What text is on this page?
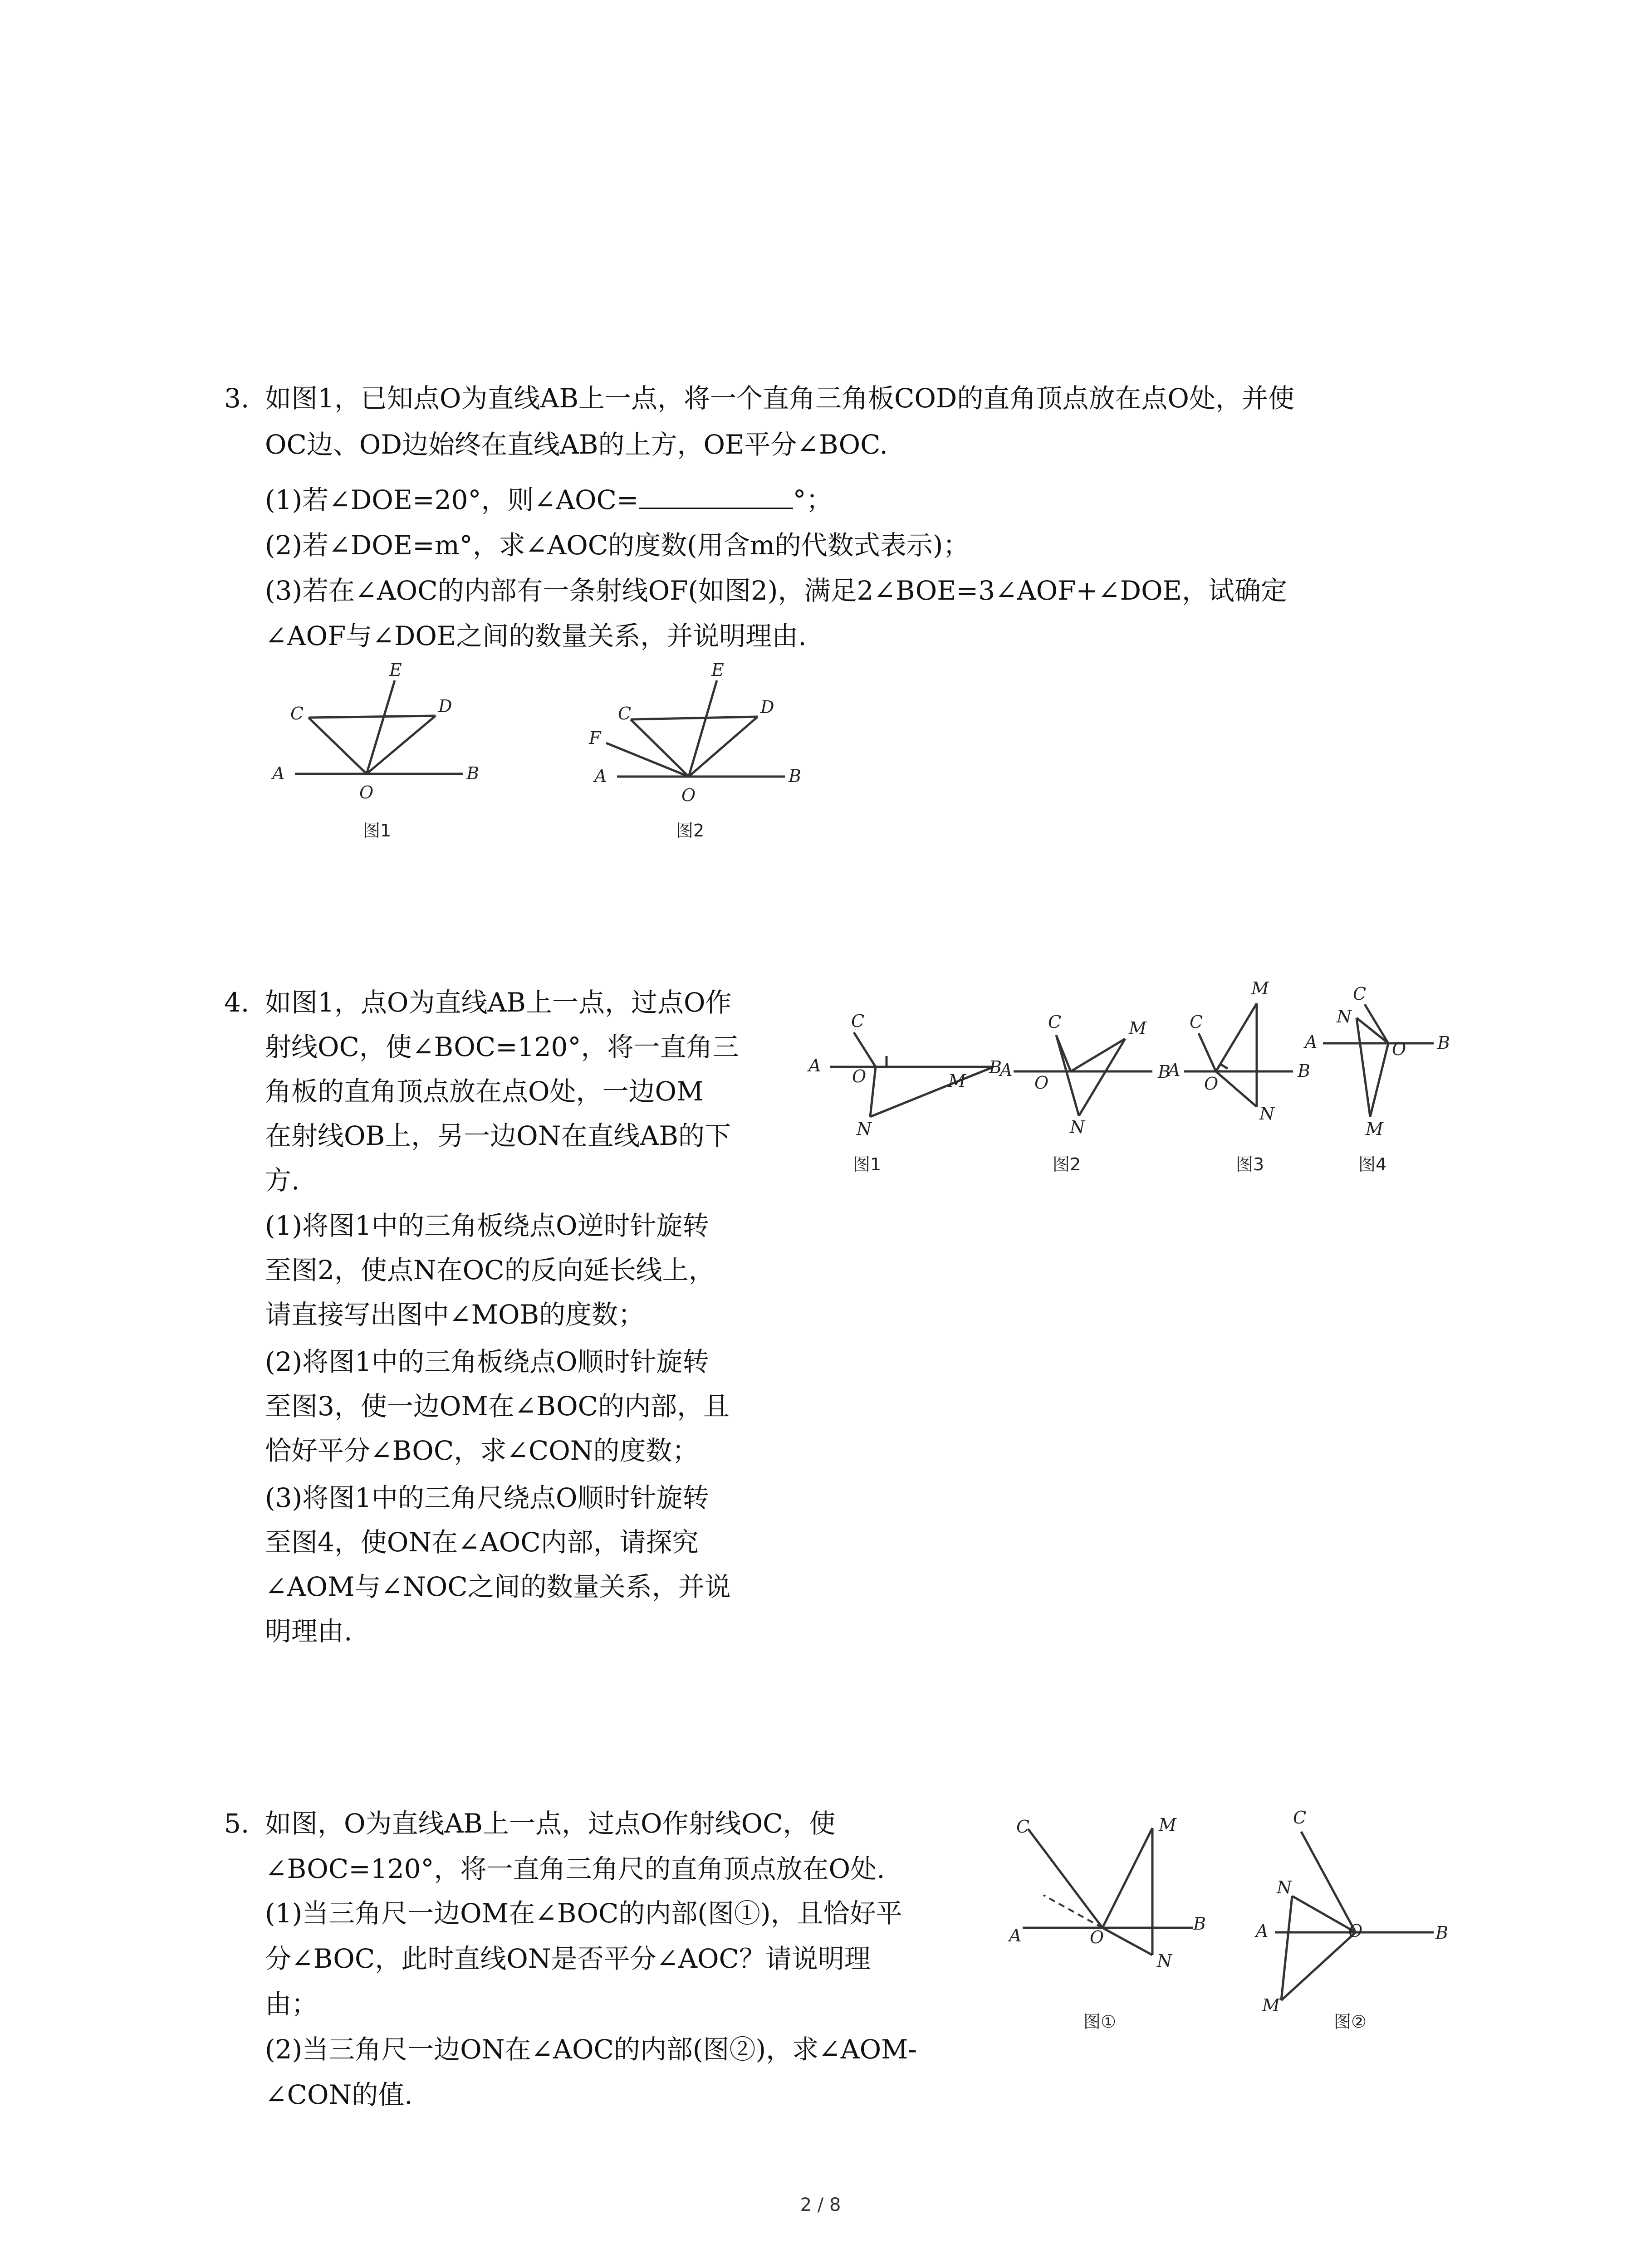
3. 如图1，已知点O为直线AB上一点，将一个直角三角板COD的直角顶点放在点O处，并使
OC边、OD边始终在直线AB的上方，OE平分∠BOC.
(1)若∠DOE=20°，则∠AOC=	°；
(2)若∠DOE=m°，求∠AOC的度数(用含m的代数式表示)；
(3)若在∠AOC的内部有一条射线OF(如图2)，满足2∠BOE=3∠AOF+∠DOE，试确定
∠AOF与∠DOE之间的数量关系，并说明理由.
A	B
O
C	D
E
图1
A	B
O
C	D
E
F
图2
4. 如图1，点O为直线AB上一点，过点O作
射线OC，使∠BOC=120°，将一直角三
角板的直角顶点放在点O处，一边OM
在射线OB上，另一边ON在直线AB的下
方.
(1)将图1中的三角板绕点O逆时针旋转
至图2，使点N在OC的反向延长线上，
请直接写出图中∠MOB的度数；
(2)将图1中的三角板绕点O顺时针旋转
至图3，使一边OM在∠BOC的内部，且
恰好平分∠BOC，求∠CON的度数；
(3)将图1中的三角尺绕点O顺时针旋转
至图4，使ON在∠AOC内部，请探究
∠AOM与∠NOC之间的数量关系，并说
明理由.
A	B
C
O	M
N
图1
A	B
C
O
M
N
图2
A	B
C
O
M
N
图3
A	B
C
O
M
N
图4
5. 如图，O为直线AB上一点，过点O作射线OC，使
∠BOC=120°，将一直角三角尺的直角顶点放在O处.
(1)当三角尺一边OM在∠BOC的内部(图①)，且恰好平
分∠BOC，此时直线ON是否平分∠AOC？请说明理
由；
(2)当三角尺一边ON在∠AOC的内部(图②)，求∠AOM-
∠CON的值.
C
A	O
B
M
N
图①
C
A	O	B
N
M
图②
2 / 8
